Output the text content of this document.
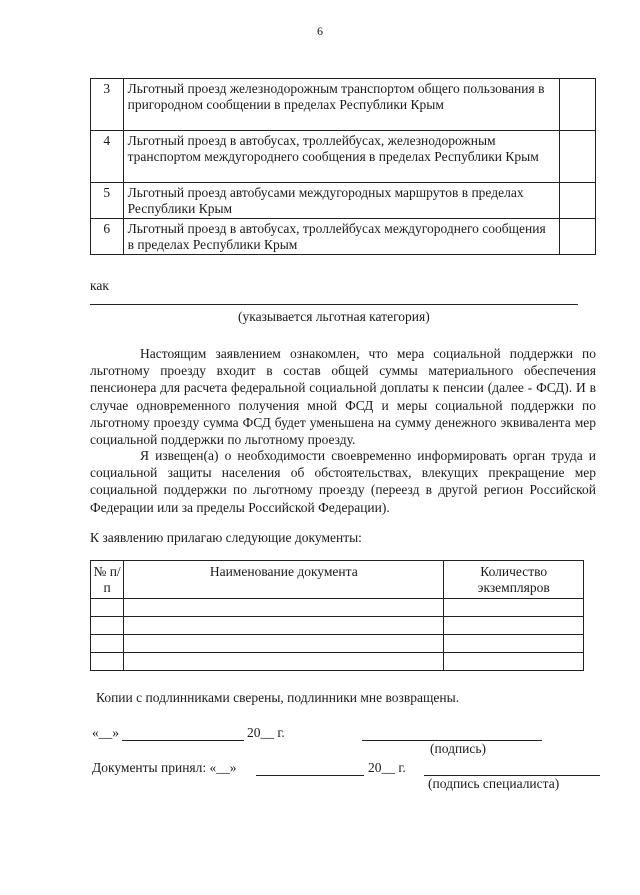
6
3	Льготный проезд железнодорожным транспортом общего пользования в пригородном сообщении в пределах Республики Крым	
4	Льготный проезд в автобусах, троллейбусах, железнодорожным транспортом междугороднего сообщения в пределах Республики Крым	
5	Льготный проезд автобусами междугородных маршрутов в пределах Республики Крым	
6	Льготный проезд в автобусах, троллейбусах междугороднего сообщения в пределах Республики Крым	
как
(указывается льготная категория)

Настоящим заявлением ознакомлен, что мера социальной поддержки по льготному проезду входит в состав общей суммы материального обеспечения пенсионера для расчета федеральной социальной доплаты к пенсии (далее - ФСД). И в случае одновременного получения мной ФСД и меры социальной поддержки по льготному проезду сумма ФСД будет уменьшена на сумму денежного эквивалента мер социальной поддержки по льготному проезду.

Я извещен(а) о необходимости своевременно информировать орган труда и социальной защиты населения об обстоятельствах, влекущих прекращение мер социальной поддержки по льготному проезду (переезд в другой регион Российской Федерации или за пределы Российской Федерации).

К заявлению прилагаю следующие документы:
№ п/п	Наименование документа	Количество экземпляров

Копии с подлинниками сверены, подлинники мне возвращены.
«__»	20__ г.
(подпись)
Документы принял: «__»	20__ г.
(подпись специалиста)
